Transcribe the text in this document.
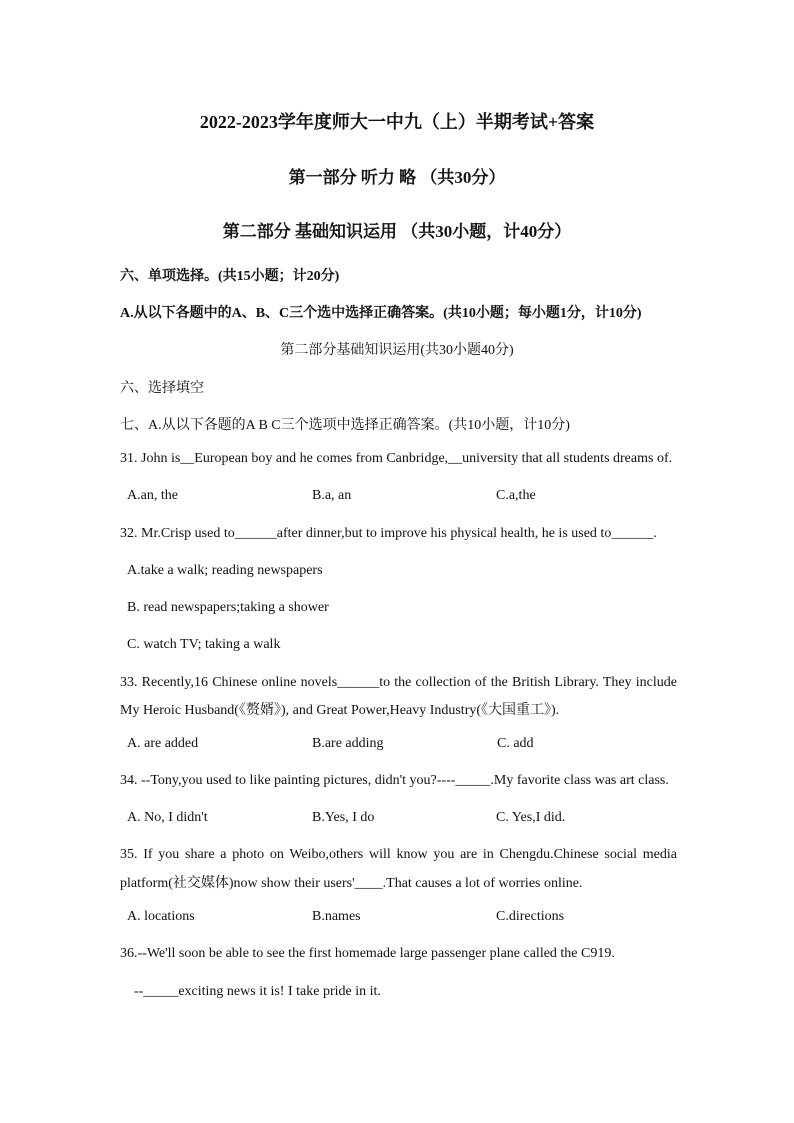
2022-2023学年度师大一中九（上）半期考试+答案
第一部分 听力 略 （共30分）
第二部分 基础知识运用 （共30小题，计40分）
六、单项选择。(共15小题；计20分)
A.从以下各题中的A、B、C三个选中选择正确答案。(共10小题；每小题1分，计10分)
第二部分基础知识运用(共30小题40分)
六、选择填空
七、A.从以下各题的A B C三个选项中选择正确答案。(共10小题，计10分)
31. John is__European boy and he comes from Canbridge,__university that all students dreams of.
A.an, the	B.a, an	C.a,the
32. Mr.Crisp used to______after dinner,but to improve his physical health, he is used to______.
A.take a walk; reading newspapers
B. read newspapers;taking a shower
C. watch TV; taking a walk
33. Recently,16 Chinese online novels______to the collection of the British Library. They include
My Heroic Husband(《赘婿》), and Great Power,Heavy Industry(《大国重工》).
A. are added	B.are adding	C. add
34. --Tony,you used to like painting pictures, didn't you?----_____.My favorite class was art class.
A. No, I didn't	B.Yes, I do	C. Yes,I did.
35. If you share a photo on Weibo,others will know you are in Chengdu.Chinese social media
platform(社交媒体)now show their users'____.That causes a lot of worries online.
A. locations	B.names	C.directions
36.--We'll soon be able to see the first homemade large passenger plane called the C919.
--_____exciting news it is! I take pride in it.
